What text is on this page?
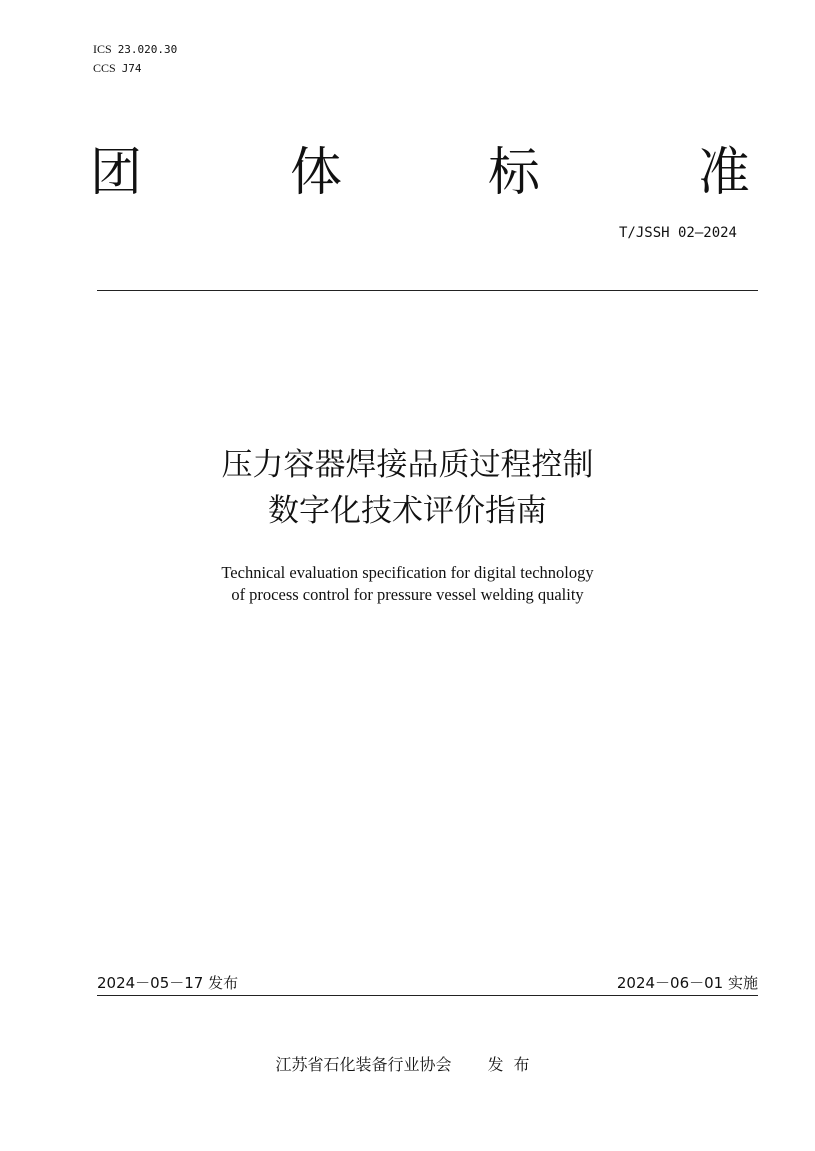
ICS 23.020.30
CCS J74
团	体	标	准
T/JSSH 02—2024
压力容器焊接品质过程控制
数字化技术评价指南
Technical evaluation specification for digital technology
of process control for pressure vessel welding quality
2024－05－17 发布	2024－06－01 实施
江苏省石化装备行业协会 发布
